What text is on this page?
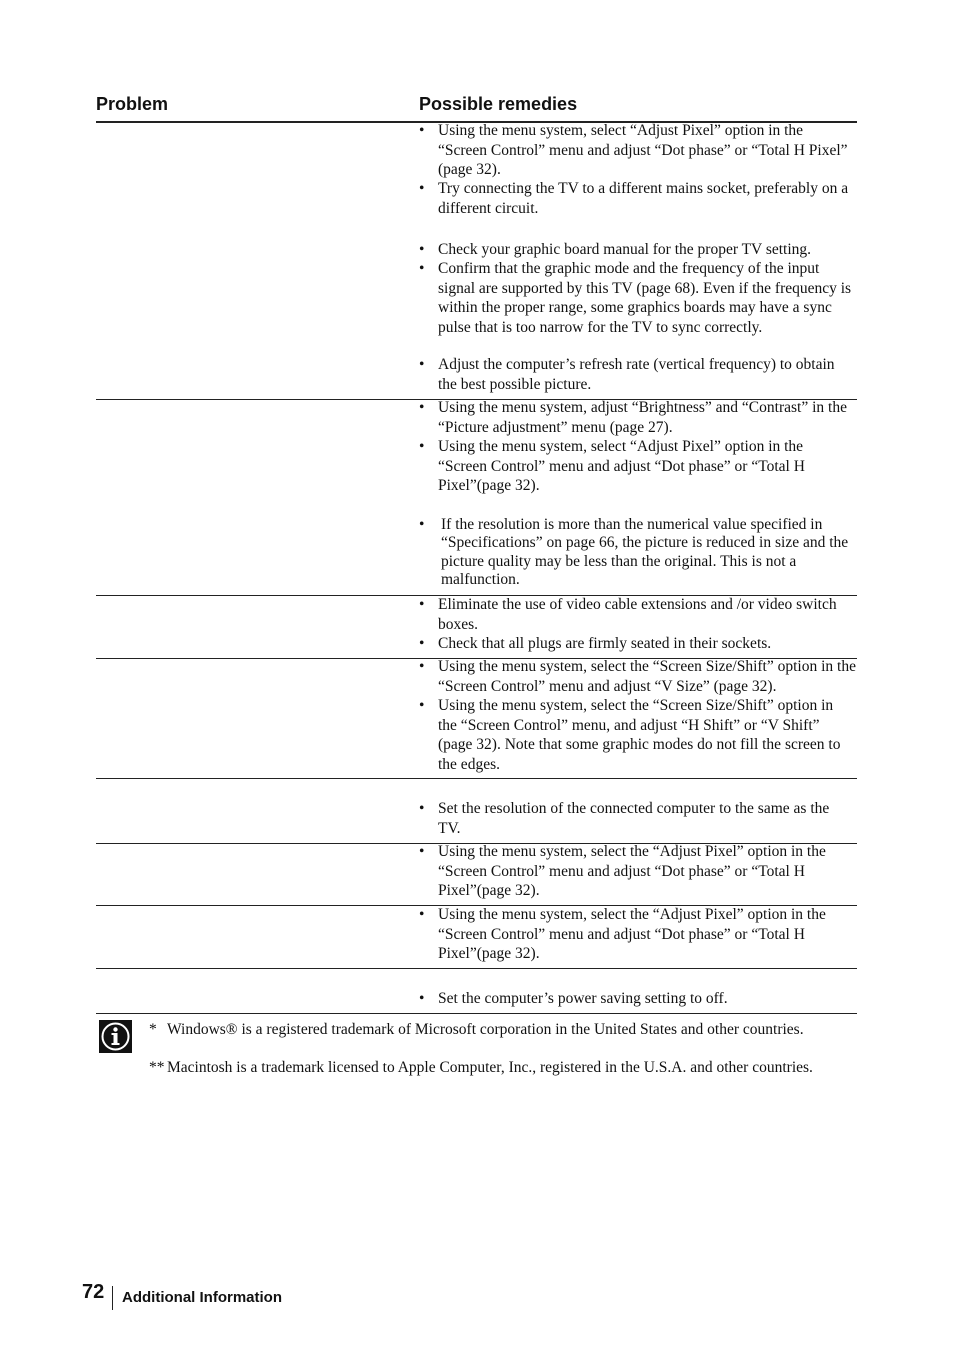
Problem	Possible remedies
• Using the menu system, select “Adjust Pixel” option in the “Screen Control” menu and adjust “Dot phase” or “Total H Pixel” (page 32).
• Try connecting the TV to a different mains socket, preferably on a different circuit.
• Check your graphic board manual for the proper TV setting.
• Confirm that the graphic mode and the frequency of the input signal are supported by this TV (page 68). Even if the frequency is within the proper range, some graphics boards may have a sync pulse that is too narrow for the TV to sync correctly.
• Adjust the computer’s refresh rate (vertical frequency) to obtain the best possible picture.
• Using the menu system, adjust “Brightness” and “Contrast” in the “Picture adjustment” menu (page 27).
• Using the menu system, select “Adjust Pixel” option in the “Screen Control” menu and adjust “Dot phase” or “Total H Pixel”(page 32).
• If the resolution is more than the numerical value specified in “Specifications” on page 66, the picture is reduced in size and the picture quality may be less than the original. This is not a malfunction.
• Eliminate the use of video cable extensions and /or video switch boxes.
• Check that all plugs are firmly seated in their sockets.
• Using the menu system, select the “Screen Size/Shift” option in the “Screen Control” menu and adjust “V Size” (page 32).
• Using the menu system, select the “Screen Size/Shift” option in the “Screen Control” menu, and adjust “H Shift” or “V Shift” (page 32). Note that some graphic modes do not fill the screen to the edges.
• Set the resolution of the connected computer to the same as the TV.
• Using the menu system, select the “Adjust Pixel” option in the “Screen Control” menu and adjust “Dot phase” or “Total H Pixel”(page 32).
• Using the menu system, select the “Adjust Pixel” option in the “Screen Control” menu and adjust “Dot phase” or “Total H Pixel”(page 32).
• Set the computer’s power saving setting to off.
* Windows® is a registered trademark of Microsoft corporation in the United States and other countries.
** Macintosh is a trademark licensed to Apple Computer, Inc., registered in the U.S.A. and other countries.
72 Additional Information
